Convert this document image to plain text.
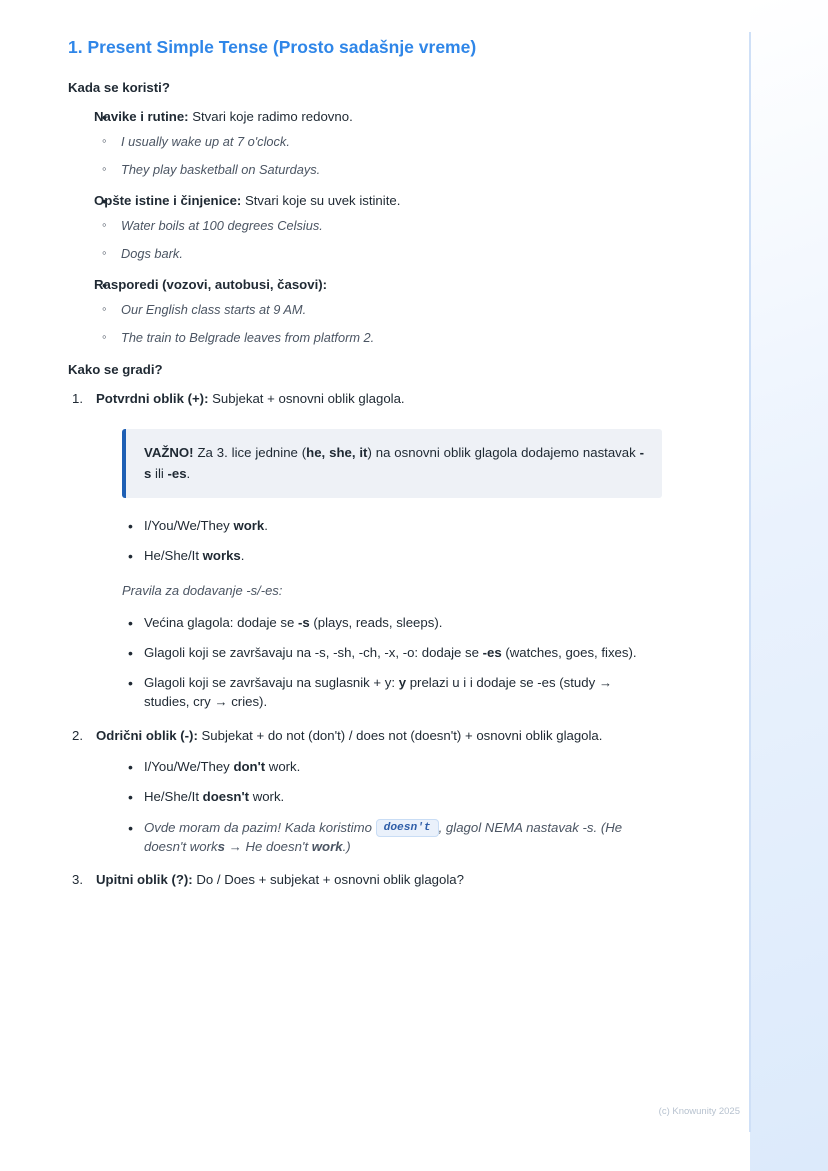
1. Present Simple Tense (Prosto sadašnje vreme)
Kada se koristi?
• Navike i rutine: Stvari koje radimo redovno.
◦ I usually wake up at 7 o'clock.
◦ They play basketball on Saturdays.
• Opšte istine i činjenice: Stvari koje su uvek istinite.
◦ Water boils at 100 degrees Celsius.
◦ Dogs bark.
• Rasporedi (vozovi, autobusi, časovi):
◦ Our English class starts at 9 AM.
◦ The train to Belgrade leaves from platform 2.
Kako se gradi?
1. Potvrdni oblik (+): Subjekat + osnovni oblik glagola.
VAŽNO! Za 3. lice jednine (he, she, it) na osnovni oblik glagola dodajemo nastavak -s ili -es.
• I/You/We/They work.
• He/She/It works.
Pravila za dodavanje -s/-es:
• Većina glagola: dodaje se -s (plays, reads, sleeps).
• Glagoli koji se završavaju na -s, -sh, -ch, -x, -o: dodaje se -es (watches, goes, fixes).
• Glagoli koji se završavaju na suglasnik + y: y prelazi u i i dodaje se -es (study → studies, cry → cries).
2. Odrični oblik (-): Subjekat + do not (don't) / does not (doesn't) + osnovni oblik glagola.
• I/You/We/They don't work.
• He/She/It doesn't work.
• Ovde moram da pazim! Kada koristimo doesn't , glagol NEMA nastavak -s. (He doesn't works → He doesn't work.)
3. Upitni oblik (?): Do / Does + subjekat + osnovni oblik glagola?
(c) Knowunity 2025
